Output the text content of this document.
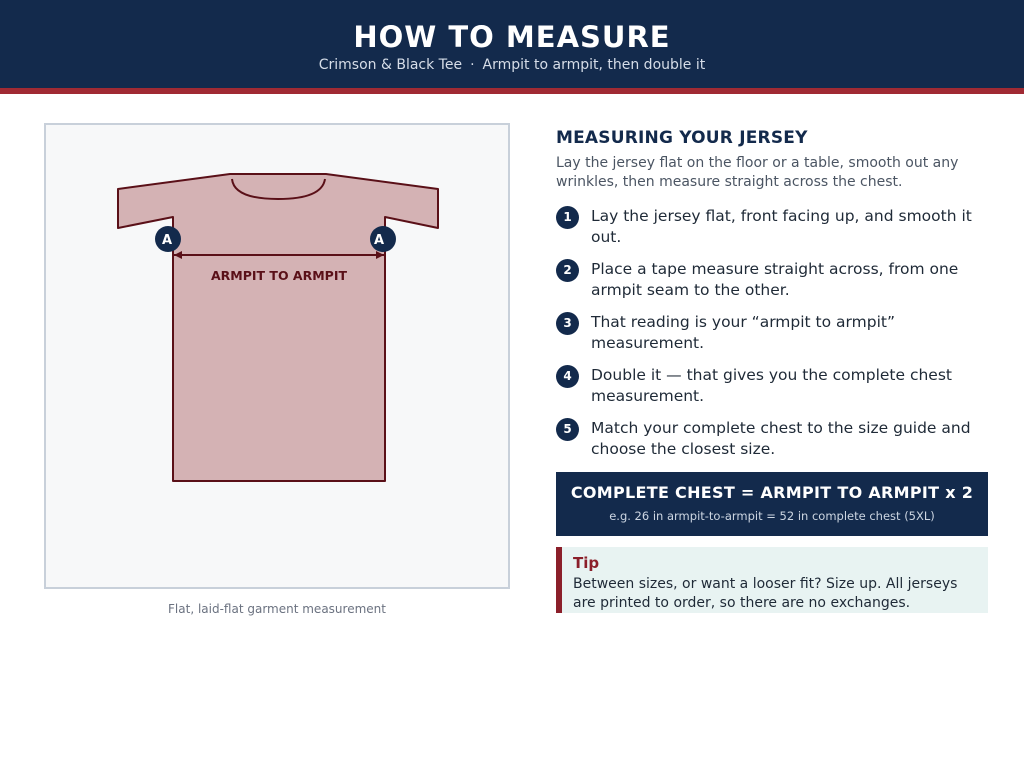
HOW TO MEASURE
Crimson & Black Tee · Armpit to armpit, then double it
A	A
ARMPIT TO ARMPIT
Flat, laid-flat garment measurement
MEASURING YOUR JERSEY
Lay the jersey flat on the floor or a table, smooth out any wrinkles, then measure straight across the chest.
1	Lay the jersey flat, front facing up, and smooth it out.
2	Place a tape measure straight across, from one armpit seam to the other.
3	That reading is your “armpit to armpit” measurement.
4	Double it — that gives you the complete chest measurement.
5	Match your complete chest to the size guide and choose the closest size.
COMPLETE CHEST = ARMPIT TO ARMPIT x 2
e.g. 26 in armpit-to-armpit = 52 in complete chest (5XL)
Tip
Between sizes, or want a looser fit? Size up. All jerseys are printed to order, so there are no exchanges.
